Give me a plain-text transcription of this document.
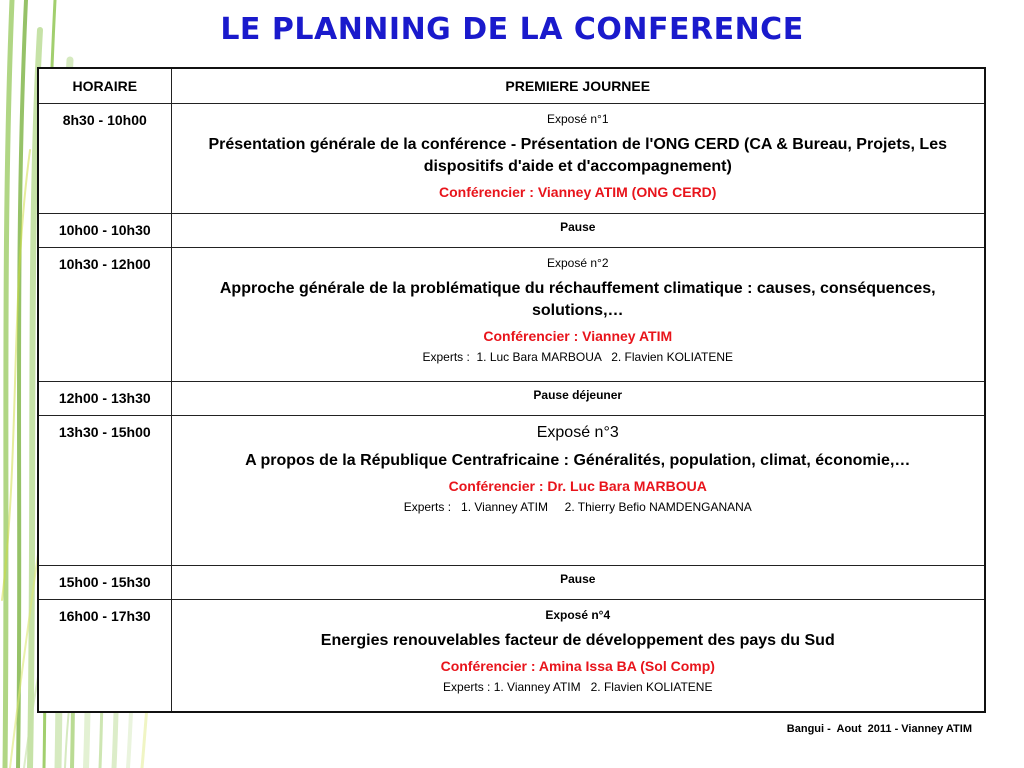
LE PLANNING DE LA CONFERENCE
HORAIRE	PREMIERE JOURNEE
8h30 - 10h00	Exposé n°1
Présentation générale de la conférence - Présentation de l'ONG CERD (CA & Bureau, Projets, Les dispositifs d'aide et d'accompagnement)
Conférencier : Vianney ATIM (ONG CERD)

10h00 - 10h30	Pause
10h30 - 12h00	Exposé n°2
Approche générale de la problématique du réchauffement climatique : causes, conséquences, solutions,…
Conférencier : Vianney ATIM
Experts :  1. Luc Bara MARBOUA   2. Flavien KOLIATENE

12h00 - 13h30	Pause déjeuner
13h30 - 15h00	Exposé n°3
A propos de la République Centrafricaine : Généralités, population, climat, économie,…
Conférencier : Dr. Luc Bara MARBOUA
Experts :   1. Vianney ATIM     2. Thierry Befio NAMDENGANANA

15h00 - 15h30	Pause
16h00 - 17h30	Exposé n°4
Energies renouvelables facteur de développement des pays du Sud
Conférencier : Amina Issa BA (Sol Comp)
Experts : 1. Vianney ATIM   2. Flavien KOLIATENE
Bangui -  Aout  2011 - Vianney ATIM
